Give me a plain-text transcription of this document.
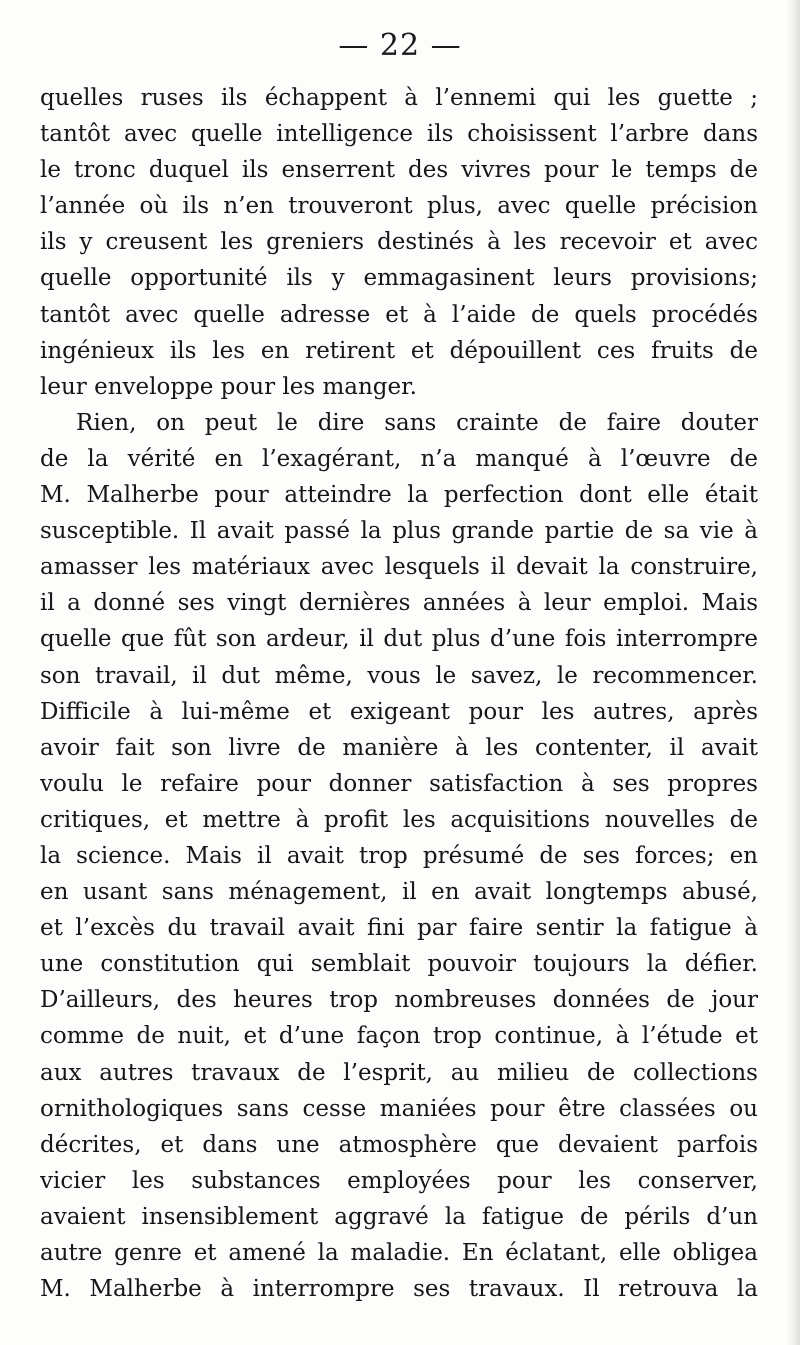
— 22 —
quelles ruses ils échappent à l’ennemi qui les guette ;
tantôt avec quelle intelligence ils choisissent l’arbre dans
le tronc duquel ils enserrent des vivres pour le temps de
l’année où ils n’en trouveront plus, avec quelle précision
ils y creusent les greniers destinés à les recevoir et avec
quelle opportunité ils y emmagasinent leurs provisions;
tantôt avec quelle adresse et à l’aide de quels procédés
ingénieux ils les en retirent et dépouillent ces fruits de
leur enveloppe pour les manger.
Rien, on peut le dire sans crainte de faire douter
de la vérité en l’exagérant, n’a manqué à l’œuvre de
M. Malherbe pour atteindre la perfection dont elle était
susceptible. Il avait passé la plus grande partie de sa vie à
amasser les matériaux avec lesquels il devait la construire,
il a donné ses vingt dernières années à leur emploi. Mais
quelle que fût son ardeur, il dut plus d’une fois interrompre
son travail, il dut même, vous le savez, le recommencer.
Difficile à lui-même et exigeant pour les autres, après
avoir fait son livre de manière à les contenter, il avait
voulu le refaire pour donner satisfaction à ses propres
critiques, et mettre à profit les acquisitions nouvelles de
la science. Mais il avait trop présumé de ses forces; en
en usant sans ménagement, il en avait longtemps abusé,
et l’excès du travail avait fini par faire sentir la fatigue à
une constitution qui semblait pouvoir toujours la défier.
D’ailleurs, des heures trop nombreuses données de jour
comme de nuit, et d’une façon trop continue, à l’étude et
aux autres travaux de l’esprit, au milieu de collections
ornithologiques sans cesse maniées pour être classées ou
décrites, et dans une atmosphère que devaient parfois
vicier les substances employées pour les conserver,
avaient insensiblement aggravé la fatigue de périls d’un
autre genre et amené la maladie. En éclatant, elle obligea
M. Malherbe à interrompre ses travaux. Il retrouva la
